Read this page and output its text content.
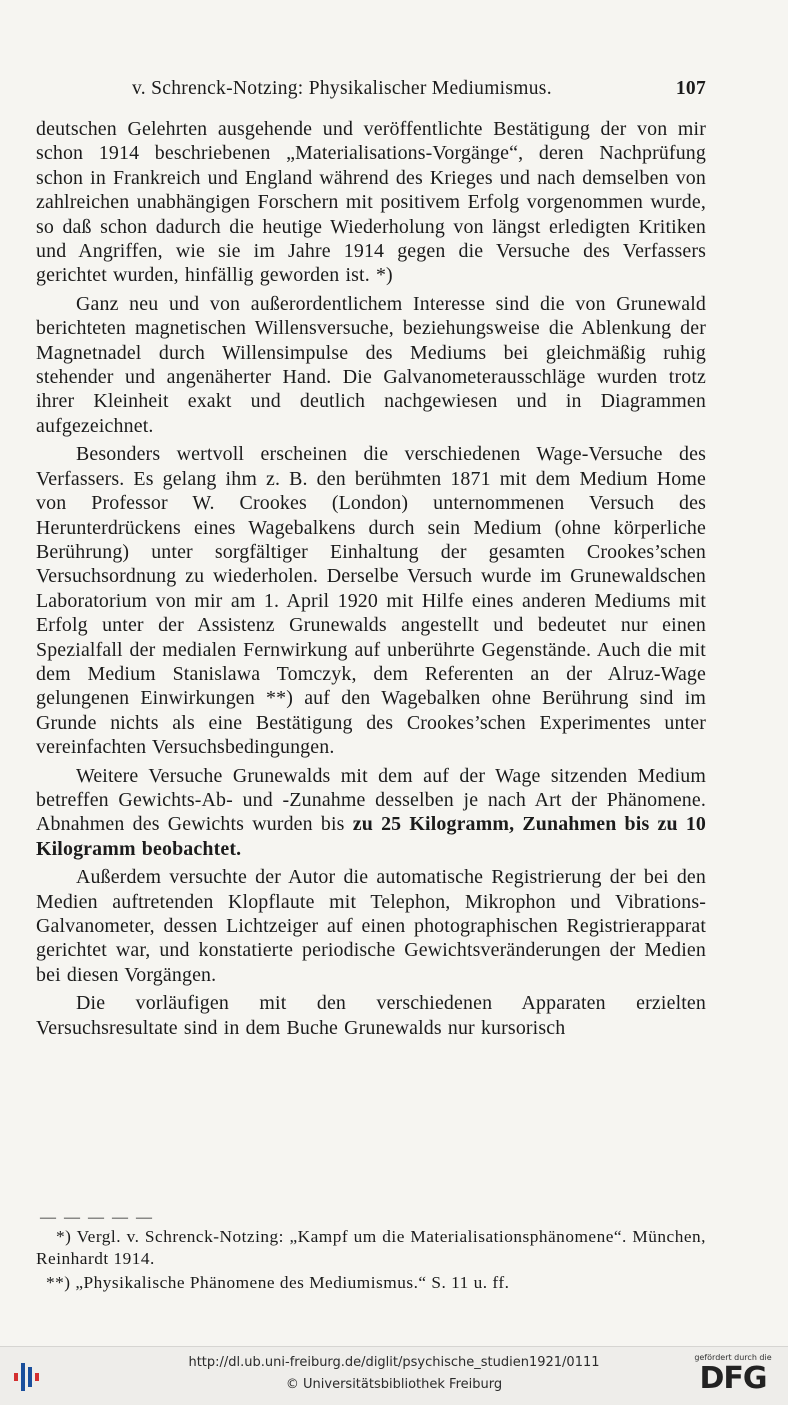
v. Schrenck-Notzing: Physikalischer Mediumismus.	107

deutschen Gelehrten ausgehende und veröffentlichte Bestätigung der von mir schon 1914 beschriebenen „Materialisations-Vorgänge“, deren Nachprüfung schon in Frankreich und England während des Krieges und nach demselben von zahlreichen unabhängigen Forschern mit positivem Erfolg vorgenommen wurde, so daß schon dadurch die heutige Wiederholung von längst erledigten Kritiken und Angriffen, wie sie im Jahre 1914 gegen die Versuche des Verfassers gerichtet wurden, hinfällig geworden ist. *)

Ganz neu und von außerordentlichem Interesse sind die von Grunewald berichteten magnetischen Willensversuche, beziehungsweise die Ablenkung der Magnetnadel durch Willensimpulse des Mediums bei gleichmäßig ruhig stehender und angenäherter Hand. Die Galvanometerausschläge wurden trotz ihrer Kleinheit exakt und deutlich nachgewiesen und in Diagrammen aufgezeichnet.

Besonders wertvoll erscheinen die verschiedenen Wage-Versuche des Verfassers. Es gelang ihm z. B. den berühmten 1871 mit dem Medium Home von Professor W. Crookes (London) unternommenen Versuch des Herunterdrückens eines Wagebalkens durch sein Medium (ohne körperliche Berührung) unter sorgfältiger Einhaltung der gesamten Crookes’schen Versuchsordnung zu wiederholen. Derselbe Versuch wurde im Grunewaldschen Laboratorium von mir am 1. April 1920 mit Hilfe eines anderen Mediums mit Erfolg unter der Assistenz Grunewalds angestellt und bedeutet nur einen Spezialfall der medialen Fernwirkung auf unberührte Gegenstände. Auch die mit dem Medium Stanislawa Tomczyk, dem Referenten an der Alruz-Wage gelungenen Einwirkungen **) auf den Wagebalken ohne Berührung sind im Grunde nichts als eine Bestätigung des Crookes’schen Experimentes unter vereinfachten Versuchsbedingungen.

Weitere Versuche Grunewalds mit dem auf der Wage sitzenden Medium betreffen Gewichts-Ab- und -Zunahme desselben je nach Art der Phänomene. Abnahmen des Gewichts wurden bis zu 25 Kilogramm, Zunahmen bis zu 10 Kilogramm beobachtet.

Außerdem versuchte der Autor die automatische Registrierung der bei den Medien auftretenden Klopflaute mit Telephon, Mikrophon und Vibrations-Galvanometer, dessen Lichtzeiger auf einen photographischen Registrierapparat gerichtet war, und konstatierte periodische Gewichtsveränderungen der Medien bei diesen Vorgängen.

Die vorläufigen mit den verschiedenen Apparaten erzielten Versuchsresultate sind in dem Buche Grunewalds nur kursorisch

— — — — —

*) Vergl. v. Schrenck-Notzing: „Kampf um die Materialisationsphänomene“. München, Reinhardt 1914.

**) „Physikalische Phänomene des Mediumismus.“ S. 11 u. ff.

http://dl.ub.uni-freiburg.de/diglit/psychische_studien1921/0111
© Universitätsbibliothek Freiburg
gefördert durch die
DFG
